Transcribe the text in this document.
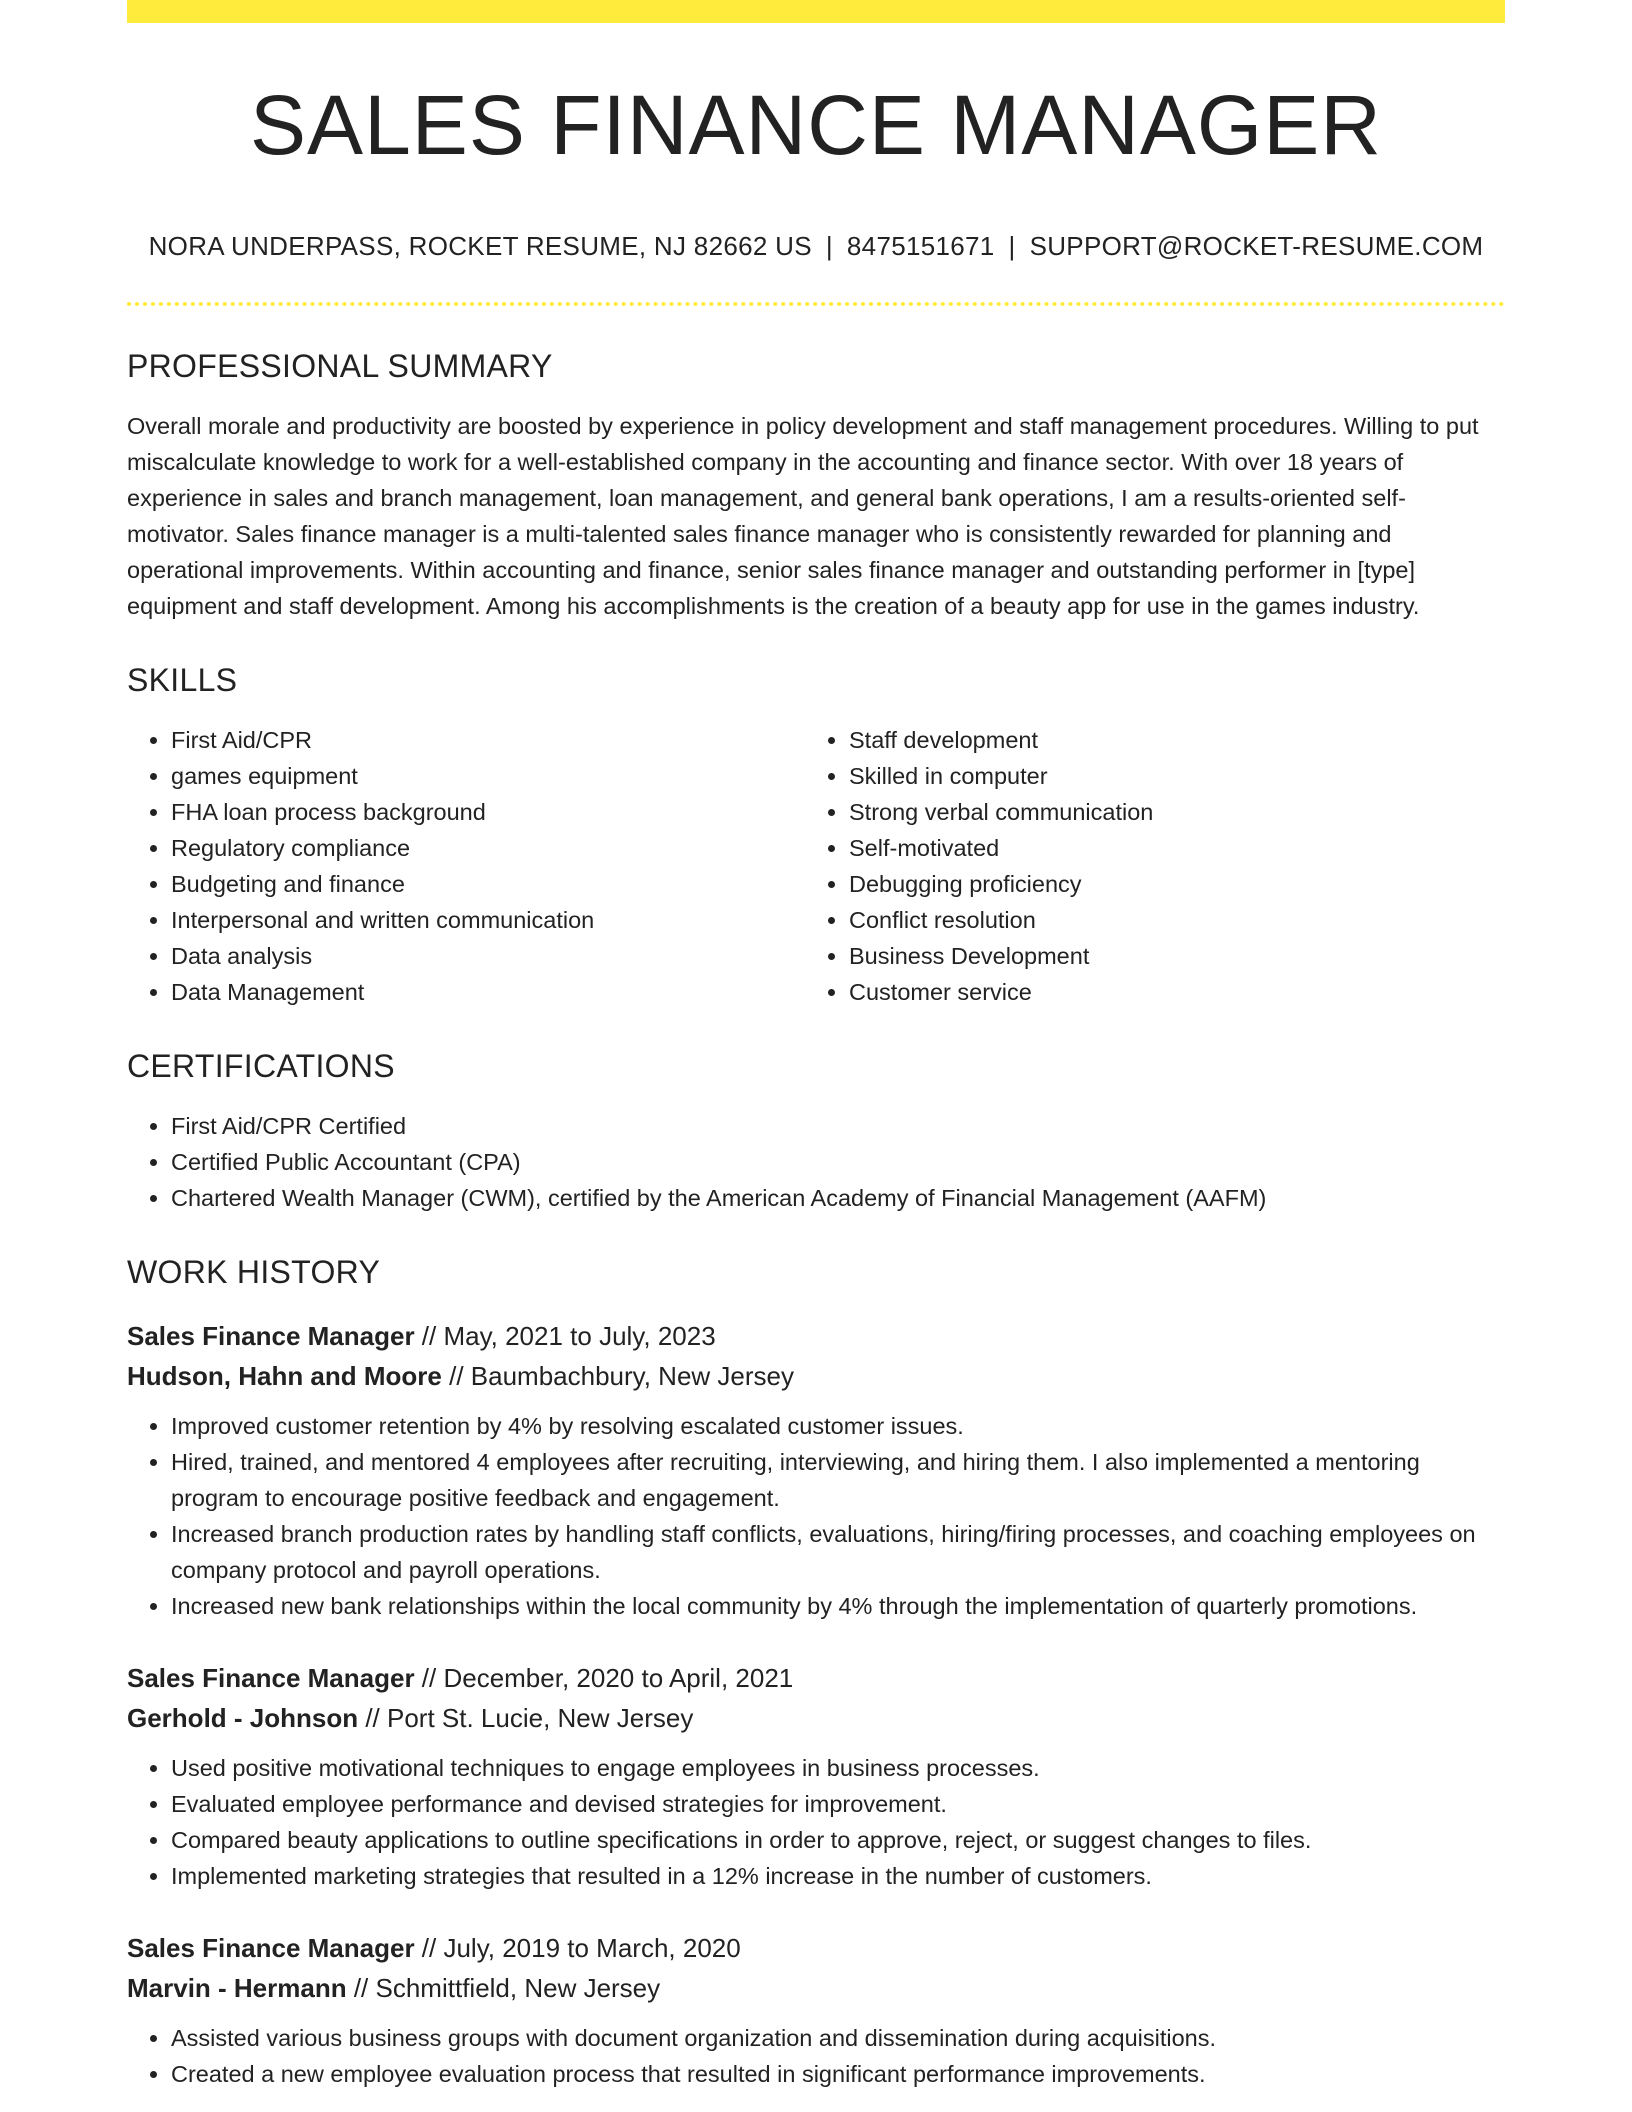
SALES FINANCE MANAGER
NORA UNDERPASS, ROCKET RESUME, NJ 82662 US | 8475151671 | SUPPORT@ROCKET-RESUME.COM
PROFESSIONAL SUMMARY

Overall morale and productivity are boosted by experience in policy development and staff management procedures. Willing to put miscalculate knowledge to work for a well-established company in the accounting and finance sector. With over 18 years of experience in sales and branch management, loan management, and general bank operations, I am a results-oriented self-motivator. Sales finance manager is a multi-talented sales finance manager who is consistently rewarded for planning and operational improvements. Within accounting and finance, senior sales finance manager and outstanding performer in [type] equipment and staff development. Among his accomplishments is the creation of a beauty app for use in the games industry.

SKILLS
• First Aid/CPR
• games equipment
• FHA loan process background
• Regulatory compliance
• Budgeting and finance
• Interpersonal and written communication
• Data analysis
• Data Management
• Staff development
• Skilled in computer
• Strong verbal communication
• Self-motivated
• Debugging proficiency
• Conflict resolution
• Business Development
• Customer service
CERTIFICATIONS
• First Aid/CPR Certified
• Certified Public Accountant (CPA)
• Chartered Wealth Manager (CWM), certified by the American Academy of Financial Management (AAFM)
WORK HISTORY
Sales Finance Manager // May, 2021 to July, 2023
Hudson, Hahn and Moore // Baumbachbury, New Jersey
• Improved customer retention by 4% by resolving escalated customer issues.
• Hired, trained, and mentored 4 employees after recruiting, interviewing, and hiring them. I also implemented a mentoring program to encourage positive feedback and engagement.
• Increased branch production rates by handling staff conflicts, evaluations, hiring/firing processes, and coaching employees on company protocol and payroll operations.
• Increased new bank relationships within the local community by 4% through the implementation of quarterly promotions.
Sales Finance Manager // December, 2020 to April, 2021
Gerhold - Johnson // Port St. Lucie, New Jersey
• Used positive motivational techniques to engage employees in business processes.
• Evaluated employee performance and devised strategies for improvement.
• Compared beauty applications to outline specifications in order to approve, reject, or suggest changes to files.
• Implemented marketing strategies that resulted in a 12% increase in the number of customers.
Sales Finance Manager // July, 2019 to March, 2020
Marvin - Hermann // Schmittfield, New Jersey
• Assisted various business groups with document organization and dissemination during acquisitions.
• Created a new employee evaluation process that resulted in significant performance improvements.
